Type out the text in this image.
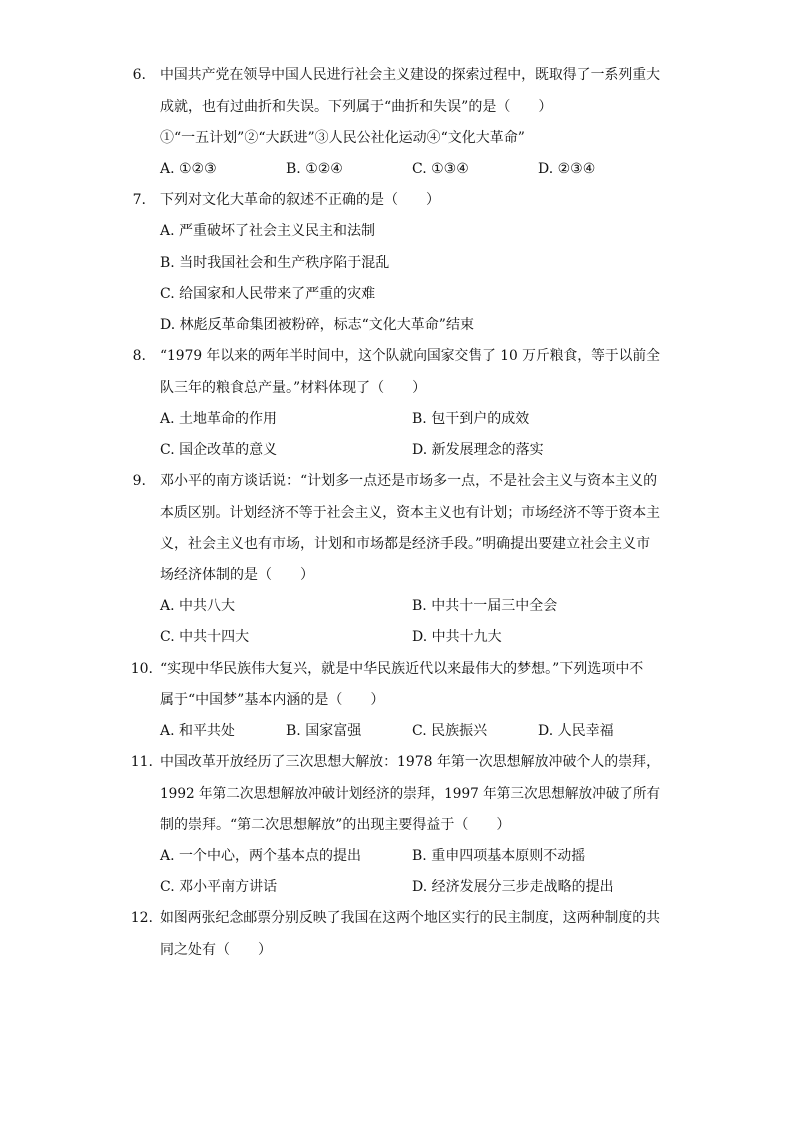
6. 中国共产党在领导中国人民进行社会主义建设的探索过程中，既取得了一系列重大
成就，也有过曲折和失误。下列属于“曲折和失误”的是（　　）
①“一五计划”②“大跃进”③人民公社化运动④“文化大革命”
A. ①②③	B. ①②④	C. ①③④	D. ②③④
7. 下列对文化大革命的叙述不正确的是（　　）
A. 严重破坏了社会主义民主和法制
B. 当时我国社会和生产秩序陷于混乱
C. 给国家和人民带来了严重的灾难
D. 林彪反革命集团被粉碎，标志“文化大革命”结束
8. “1979 年以来的两年半时间中，这个队就向国家交售了 10 万斤粮食，等于以前全
队三年的粮食总产量。”材料体现了（　　）
A. 土地革命的作用	B. 包干到户的成效
C. 国企改革的意义	D. 新发展理念的落实
9. 邓小平的南方谈话说：“计划多一点还是市场多一点，不是社会主义与资本主义的
本质区别。计划经济不等于社会主义，资本主义也有计划；市场经济不等于资本主
义，社会主义也有市场，计划和市场都是经济手段。”明确提出要建立社会主义市
场经济体制的是（　　）
A. 中共八大	B. 中共十一届三中全会
C. 中共十四大	D. 中共十九大
10. “实现中华民族伟大复兴，就是中华民族近代以来最伟大的梦想。”下列选项中不
属于“中国梦”基本内涵的是（　　）
A. 和平共处	B. 国家富强	C. 民族振兴	D. 人民幸福
11. 中国改革开放经历了三次思想大解放：1978 年第一次思想解放冲破个人的崇拜，
1992 年第二次思想解放冲破计划经济的崇拜，1997 年第三次思想解放冲破了所有
制的崇拜。“第二次思想解放”的出现主要得益于（　　）
A. 一个中心，两个基本点的提出	B. 重申四项基本原则不动摇
C. 邓小平南方讲话	D. 经济发展分三步走战略的提出
12. 如图两张纪念邮票分别反映了我国在这两个地区实行的民主制度，这两种制度的共
同之处有（　　）
